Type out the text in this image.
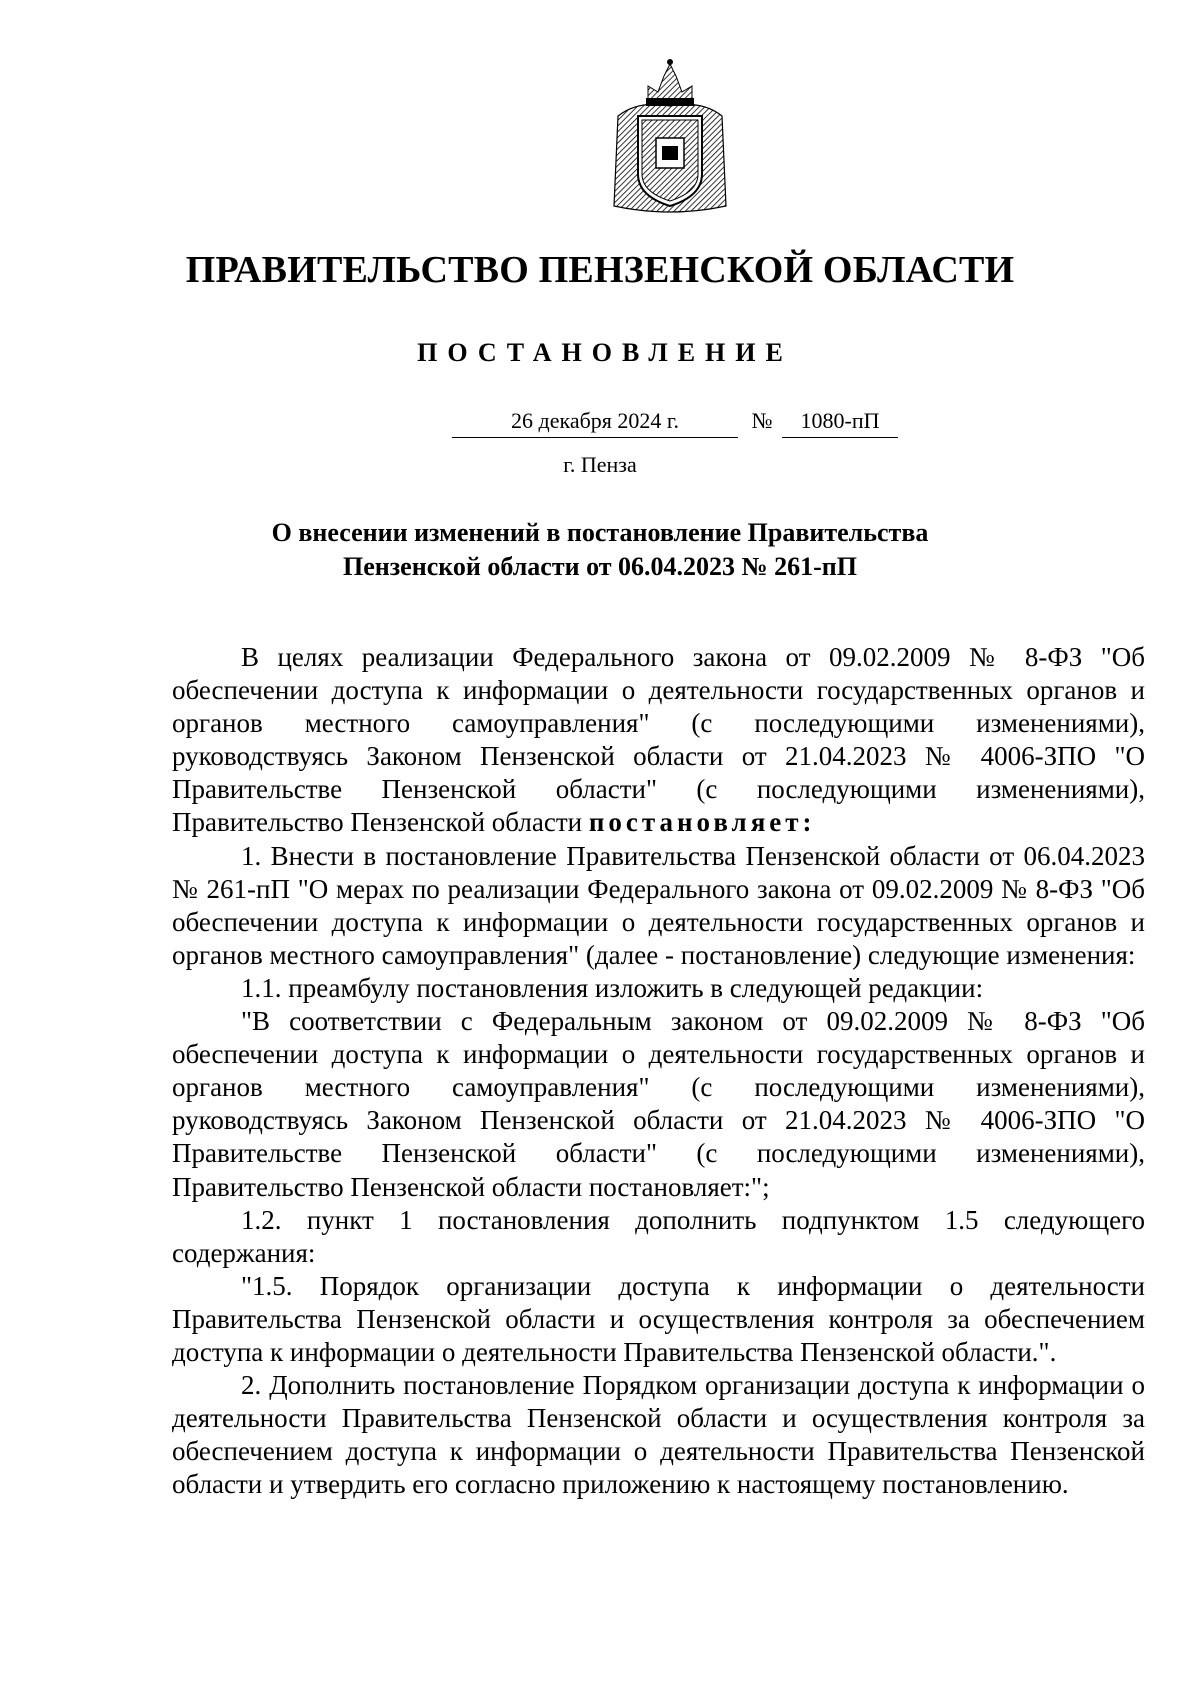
ПРАВИТЕЛЬСТВО ПЕНЗЕНСКОЙ ОБЛАСТИ
ПОСТАНОВЛЕНИЕ
26 декабря 2024 г.	№	1080-пП
г. Пенза
О внесении изменений в постановление Правительства
Пензенской области от 06.04.2023 № 261-пП

В целях реализации Федерального закона от 09.02.2009 № 8-ФЗ "Об обеспечении доступа к информации о деятельности государственных органов и органов местного самоуправления" (с последующими изменениями), руководствуясь Законом Пензенской области от 21.04.2023 № 4006-ЗПО "О Правительстве Пензенской области" (с последующими изменениями), Правительство Пензенской области постановляет:

1. Внести в постановление Правительства Пензенской области от 06.04.2023 № 261-пП "О мерах по реализации Федерального закона от 09.02.2009 № 8-ФЗ "Об обеспечении доступа к информации о деятельности государственных органов и органов местного самоуправления" (далее - постановление) следующие изменения:

1.1. преамбулу постановления изложить в следующей редакции:

"В соответствии с Федеральным законом от 09.02.2009 № 8-ФЗ "Об обеспечении доступа к информации о деятельности государственных органов и органов местного самоуправления" (с последующими изменениями), руководствуясь Законом Пензенской области от 21.04.2023 № 4006-ЗПО "О Правительстве Пензенской области" (с последующими изменениями), Правительство Пензенской области постановляет:";

1.2. пункт 1 постановления дополнить подпунктом 1.5 следующего содержания:

"1.5. Порядок организации доступа к информации о деятельности Правительства Пензенской области и осуществления контроля за обеспечением доступа к информации о деятельности Правительства Пензенской области.".

2. Дополнить постановление Порядком организации доступа к информации о деятельности Правительства Пензенской области и осуществления контроля за обеспечением доступа к информации о деятельности Правительства Пензенской области и утвердить его согласно приложению к настоящему постановлению.
